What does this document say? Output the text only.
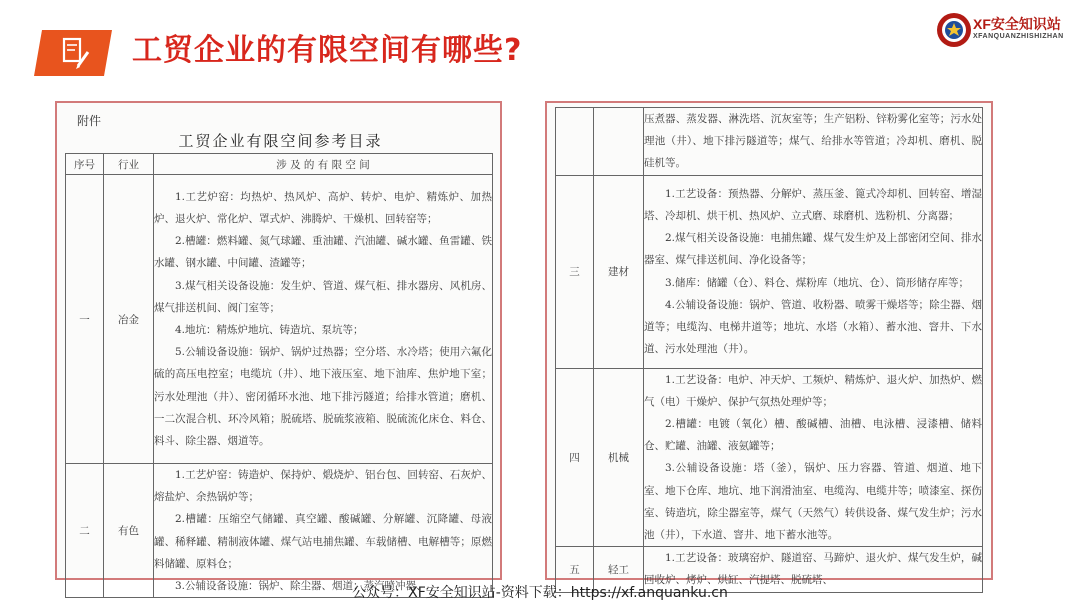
工贸企业的有限空间有哪些?
XF安全知识站
XFANQUANZHISHIZHAN
附件
工贸企业有限空间参考目录
序号	行业	涉 及 的 有 限 空 间
一	冶金	1.工艺炉窑：均热炉、热风炉、高炉、转炉、电炉、精炼炉、加热炉、退火炉、常化炉、罩式炉、沸腾炉、干燥机、回转窑等；

2.槽罐：燃料罐、氮气球罐、重油罐、汽油罐、碱水罐、鱼雷罐、铁水罐、钢水罐、中间罐、渣罐等；

3.煤气相关设备设施：发生炉、管道、煤气柜、排水器房、风机房、煤气排送机间、阀门室等；

4.地坑：精炼炉地坑、铸造坑、泵坑等；

5.公辅设备设施：锅炉、锅炉过热器；空分塔、水冷塔；使用六氟化硫的高压电控室；电缆坑（井）、地下液压室、地下油库、焦炉地下室；污水处理池（井）、密闭循环水池、地下排污隧道；给排水管道；磨机、一二次混合机、环冷风箱；脱硫塔、脱硫浆液箱、脱硫流化床仓、料仓、料斗、除尘器、烟道等。

二	有色	1.工艺炉窑：铸造炉、保持炉、煅烧炉、铝台包、回转窑、石灰炉、熔盐炉、余热锅炉等；

2.槽罐：压缩空气储罐、真空罐、酸碱罐、分解罐、沉降罐、母液罐、稀释罐、精制液体罐、煤气站电捕焦罐、车载储槽、电解槽等；原燃料储罐、原料仓；

3.公辅设备设施：锅炉、除尘器、烟道；蒸汽喷冲器、

		压煮器、蒸发器、淋洗塔、沉灰室等；生产铝粉、锌粉雾化室等；污水处理池（井）、地下排污隧道等；煤气、给排水等管道；冷却机、磨机、脱硅机等。

三	建材	1.工艺设备：预热器、分解炉、蒸压釜、篦式冷却机、回转窑、增湿塔、冷却机、烘干机、热风炉、立式磨、球磨机、选粉机、分离器；

2.煤气相关设备设施：电捕焦罐、煤气发生炉及上部密闭空间、排水器室、煤气排送机间、净化设备等；

3.储库：储罐（仓）、料仓、煤粉库（地坑、仓）、筒形储存库等；

4.公辅设备设施：锅炉、管道、收粉器、喷雾干燥塔等；除尘器、烟道等；电缆沟、电梯井道等；地坑、水塔（水箱）、蓄水池、窨井、下水道、污水处理池（井）。

四	机械	1.工艺设备：电炉、冲天炉、工频炉、精炼炉、退火炉、加热炉、燃气（电）干燥炉、保护气氛热处理炉等；

2.槽罐：电镀（氧化）槽、酸碱槽、油槽、电泳槽、浸漆槽、储料仓、贮罐、油罐、液氨罐等；

3.公辅设备设施：塔（釜），锅炉、压力容器、管道、烟道、地下室、地下仓库、地坑、地下润滑油室、电缆沟、电缆井等；喷漆室、探伤室、铸造坑，除尘器室等，煤气（天然气）转供设备、煤气发生炉；污水池（井），下水道、窨井、地下蓄水池等。

五	轻工	1.工艺设备：玻璃窑炉、隧道窑、马蹄炉、退火炉、煤气发生炉，碱回收炉、烤炉、烘缸、汽提塔、脱硫塔、

公众号：XF安全知识站-资料下载：https://xf.anquanku.cn
